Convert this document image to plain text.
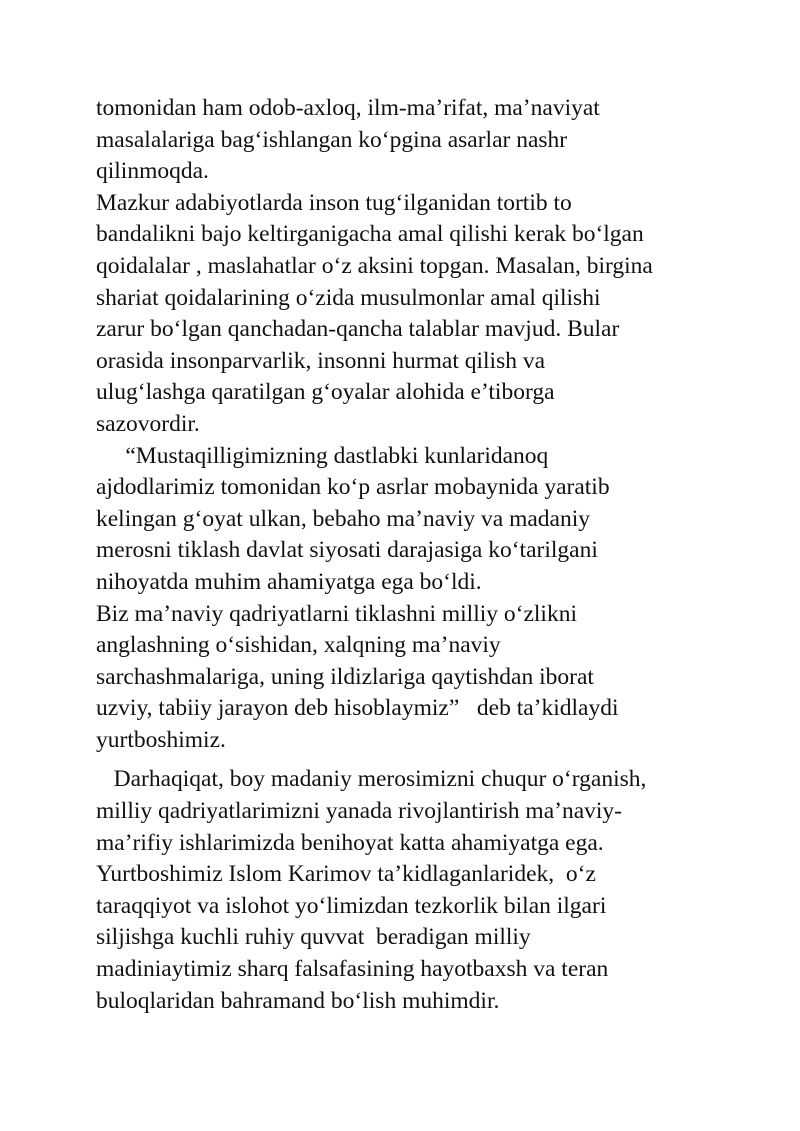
tomonidan ham odob-axloq, ilm-ma’rifat, ma’naviyat
masalalariga bag‘ishlangan ko‘pgina asarlar nashr
qilinmoqda.
Mazkur adabiyotlarda inson tug‘ilganidan tortib to
bandalikni bajo keltirganigacha amal qilishi kerak bo‘lgan
qoidalalar , maslahatlar o‘z aksini topgan. Masalan, birgina
shariat qoidalarining o‘zida musulmonlar amal qilishi
zarur bo‘lgan qanchadan-qancha talablar mavjud. Bular
orasida insonparvarlik, insonni hurmat qilish va
ulug‘lashga qaratilgan g‘oyalar alohida e’tiborga
sazovordir.
“Mustaqilligimizning dastlabki kunlaridanoq
ajdodlarimiz tomonidan ko‘p asrlar mobaynida yaratib
kelingan g‘oyat ulkan, bebaho ma’naviy va madaniy
merosni tiklash davlat siyosati darajasiga ko‘tarilgani
nihoyatda muhim ahamiyatga ega bo‘ldi.
Biz ma’naviy qadriyatlarni tiklashni milliy o‘zlikni
anglashning o‘sishidan, xalqning ma’naviy
sarchashmalariga, uning ildizlariga qaytishdan iborat
uzviy, tabiiy jarayon deb hisoblaymiz”   deb ta’kidlaydi
yurtboshimiz.
Darhaqiqat, boy madaniy merosimizni chuqur o‘rganish,
milliy qadriyatlarimizni yanada rivojlantirish ma’naviy-
ma’rifiy ishlarimizda benihoyat katta ahamiyatga ega.
Yurtboshimiz Islom Karimov ta’kidlaganlaridek,  o‘z
taraqqiyot va islohot yo‘limizdan tezkorlik bilan ilgari
siljishga kuchli ruhiy quvvat  beradigan milliy
madiniaytimiz sharq falsafasining hayotbaxsh va teran
buloqlaridan bahramand bo‘lish muhimdir.
